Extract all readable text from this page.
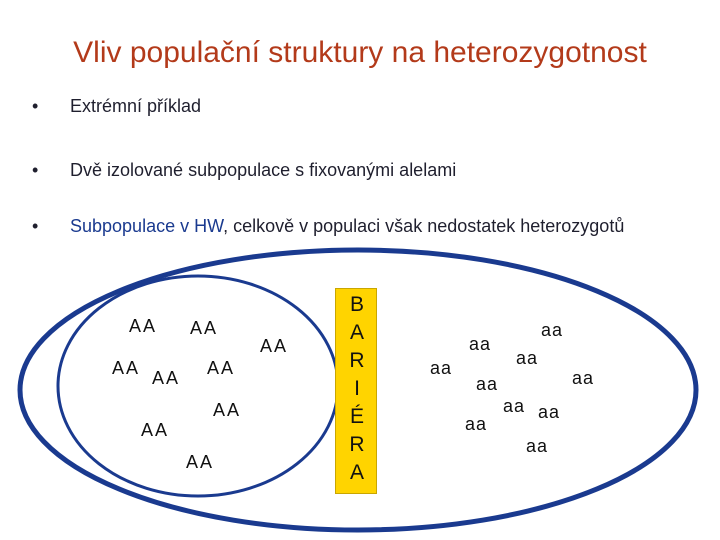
Vliv populační struktury na heterozygotnost
• Extrémní příklad
• Dvě izolované subpopulace s fixovanými alelami
• Subpopulace v HW, celkově v populaci však nedostatek heterozygotů
AA AA
AA
AA AA AA
AA
AA
AA
B
A
R
I
É
R
A
aa
aa
aa
aa	aa
aa
aa aa
aa
aa
